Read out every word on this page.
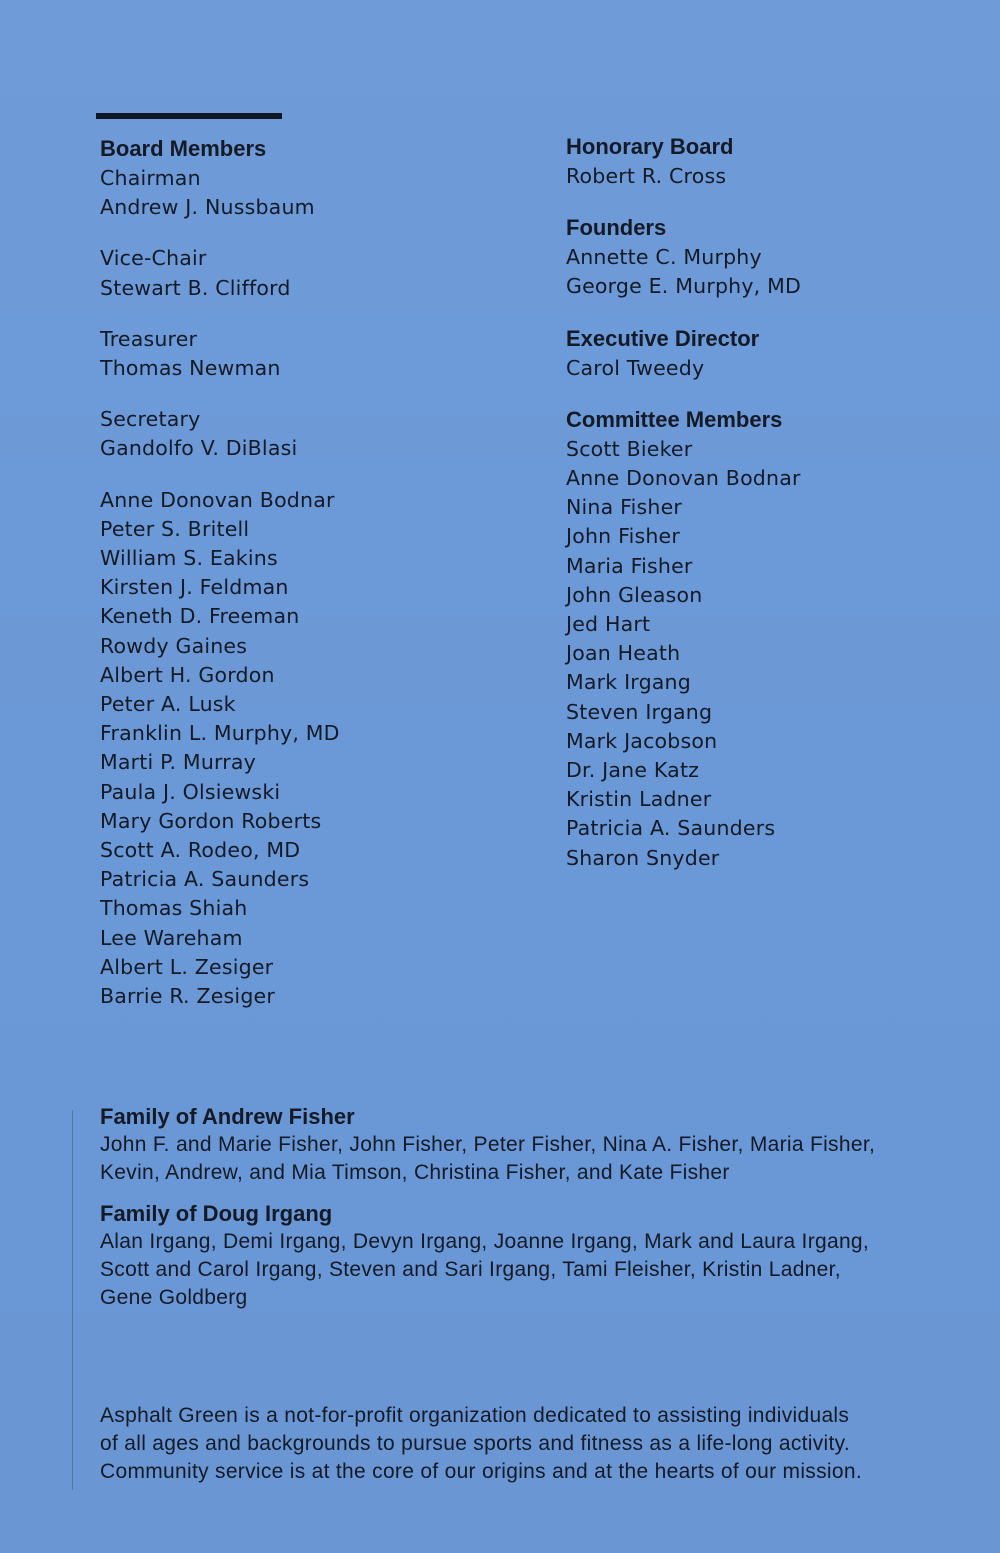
Board Members

Chairman

Andrew J. Nussbaum

Vice-Chair

Stewart B. Clifford

Treasurer

Thomas Newman

Secretary

Gandolfo V. DiBlasi

Anne Donovan Bodnar

Peter S. Britell

William S. Eakins

Kirsten J. Feldman

Keneth D. Freeman

Rowdy Gaines

Albert H. Gordon

Peter A. Lusk

Franklin L. Murphy, MD

Marti P. Murray

Paula J. Olsiewski

Mary Gordon Roberts

Scott A. Rodeo, MD

Patricia A. Saunders

Thomas Shiah

Lee Wareham

Albert L. Zesiger

Barrie R. Zesiger

Honorary Board

Robert R. Cross

Founders

Annette C. Murphy

George E. Murphy, MD

Executive Director

Carol Tweedy

Committee Members

Scott Bieker

Anne Donovan Bodnar

Nina Fisher

John Fisher

Maria Fisher

John Gleason

Jed Hart

Joan Heath

Mark Irgang

Steven Irgang

Mark Jacobson

Dr. Jane Katz

Kristin Ladner

Patricia A. Saunders

Sharon Snyder

Family of Andrew Fisher

John F. and Marie Fisher, John Fisher, Peter Fisher, Nina A. Fisher, Maria Fisher,

Kevin, Andrew, and Mia Timson, Christina Fisher, and Kate Fisher

Family of Doug Irgang

Alan Irgang, Demi Irgang, Devyn Irgang, Joanne Irgang, Mark and Laura Irgang,

Scott and Carol Irgang, Steven and Sari Irgang, Tami Fleisher, Kristin Ladner,

Gene Goldberg

Asphalt Green is a not-for-profit organization dedicated to assisting individuals

of all ages and backgrounds to pursue sports and fitness as a life-long activity.

Community service is at the core of our origins and at the hearts of our mission.
